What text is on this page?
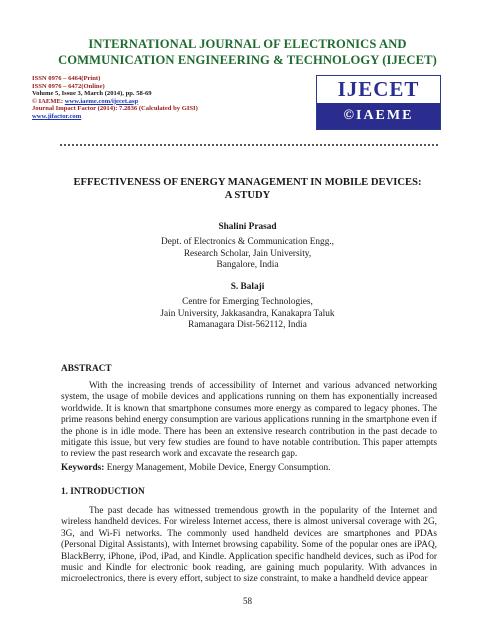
INTERNATIONAL JOURNAL OF ELECTRONICS AND
COMMUNICATION ENGINEERING & TECHNOLOGY (IJECET)
ISSN 0976 – 6464(Print)
ISSN 0976 – 6472(Online)
Volume 5, Issue 3, March (2014), pp. 58-69
© IAEME: www.iaeme.com/ijecet.asp
Journal Impact Factor (2014): 7.2836 (Calculated by GISI)
www.jifactor.com
IJECET
©IAEME
EFFECTIVENESS OF ENERGY MANAGEMENT IN MOBILE DEVICES:
A STUDY
Shalini Prasad
Dept. of Electronics & Communication Engg.,
Research Scholar, Jain University,
Bangalore, India
S. Balaji
Centre for Emerging Technologies,
Jain University, Jakkasandra, Kanakapra Taluk
Ramanagara Dist-562112, India
ABSTRACT
With the increasing trends of accessibility of Internet and various advanced networking system, the usage of mobile devices and applications running on them has exponentially increased worldwide. It is known that smartphone consumes more energy as compared to legacy phones. The prime reasons behind energy consumption are various applications running in the smartphone even if the phone is in idle mode. There has been an extensive research contribution in the past decade to mitigate this issue, but very few studies are found to have notable contribution. This paper attempts to review the past research work and excavate the research gap.
Keywords: Energy Management, Mobile Device, Energy Consumption.
1. INTRODUCTION
The past decade has witnessed tremendous growth in the popularity of the Internet and wireless handheld devices. For wireless Internet access, there is almost universal coverage with 2G, 3G, and Wi-Fi networks. The commonly used handheld devices are smartphones and PDAs (Personal Digital Assistants), with Internet browsing capability. Some of the popular ones are iPAQ, BlackBerry, iPhone, iPod, iPad, and Kindle. Application specific handheld devices, such as iPod for music and Kindle for electronic book reading, are gaining much popularity. With advances in microelectronics, there is every effort, subject to size constraint, to make a handheld device appear
58
